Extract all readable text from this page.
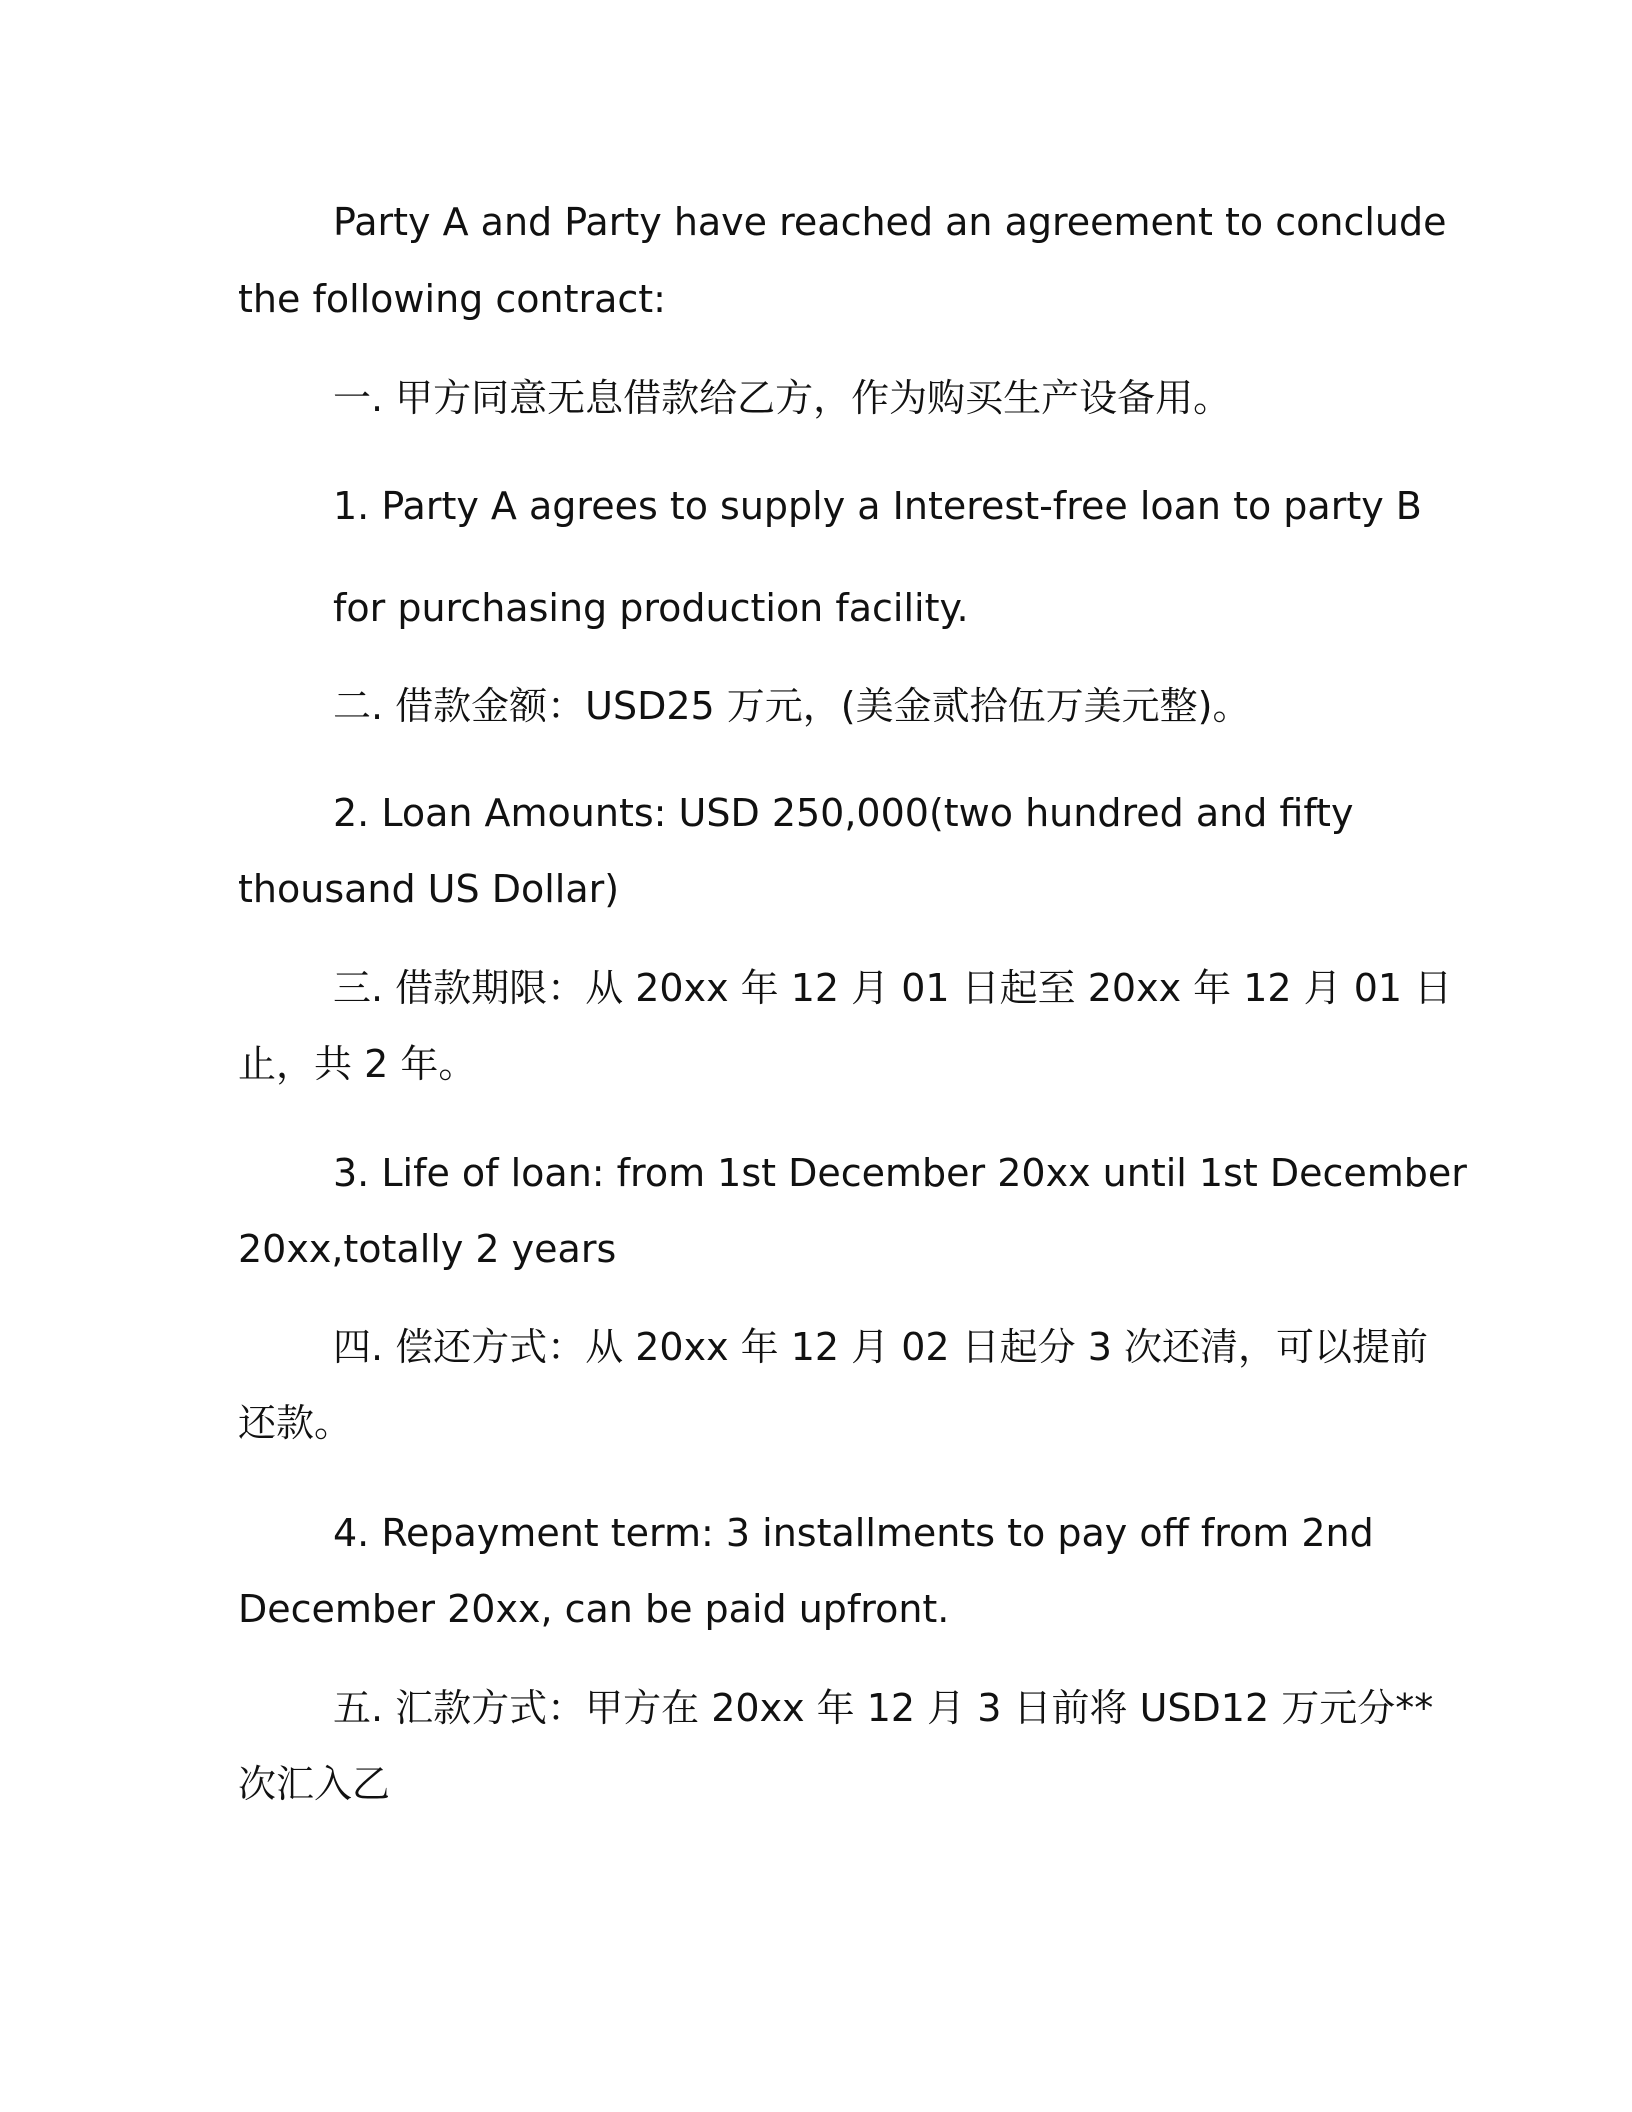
Party A and Party have reached an agreement to conclude
the following contract:
一. 甲方同意无息借款给乙方，作为购买生产设备用。
1. Party A agrees to supply a Interest-free loan to party B
for purchasing production facility.
二. 借款金额：USD25 万元，(美金贰拾伍万美元整)。
2. Loan Amounts: USD 250,000(two hundred and fifty
thousand US Dollar)
三. 借款期限：从 20xx 年 12 月 01 日起至 20xx 年 12 月 01 日
止，共 2 年。
3. Life of loan: from 1st December 20xx until 1st December
20xx,totally 2 years
四. 偿还方式：从 20xx 年 12 月 02 日起分 3 次还清，可以提前
还款。
4. Repayment term: 3 installments to pay off from 2nd
December 20xx, can be paid upfront.
五. 汇款方式：甲方在 20xx 年 12 月 3 日前将 USD12 万元分**
次汇入乙
